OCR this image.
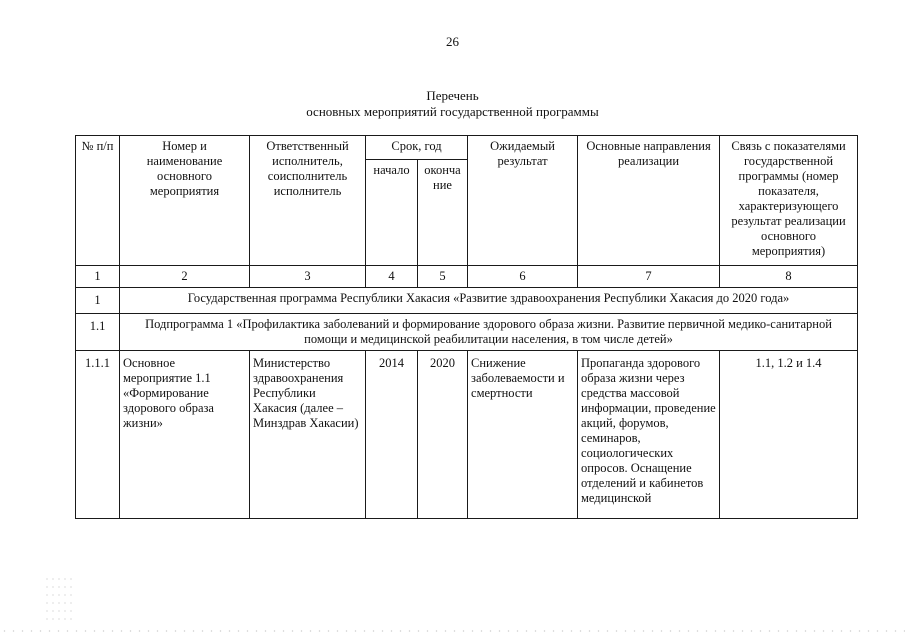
26
Перечень
основных мероприятий государственной программы
№ п/п	Номер и наименование основного мероприятия	Ответственный исполнитель, соисполнитель исполнитель	Срок, год		Ожидаемый результат	Основные направления реализации	Связь с показателями государственной программы (номер показателя, характеризующего результат реализации основного мероприятия)
			начало	оконча ние			
1	2	3	4	5	6	7	8
1	Государственная программа Республики Хакасия «Развитие здравоохранения Республики Хакасия до 2020 года»						
1.1	Подпрограмма 1 «Профилактика заболеваний и формирование здорового образа жизни. Развитие первичной медико-санитарной помощи и медицинской реабилитации населения, в том числе детей»						
1.1.1	Основное мероприятие 1.1 «Формирование здорового образа жизни»	Министерство здравоохранения Республики Хакасия (далее – Минздрав Хакасии)	2014	2020	Снижение заболеваемости и смертности	Пропаганда здорового образа жизни через средства массовой информации, проведение акций, форумов, семинаров, социологических опросов. Оснащение отделений и кабинетов медицинской	1.1, 1.2 и 1.4
